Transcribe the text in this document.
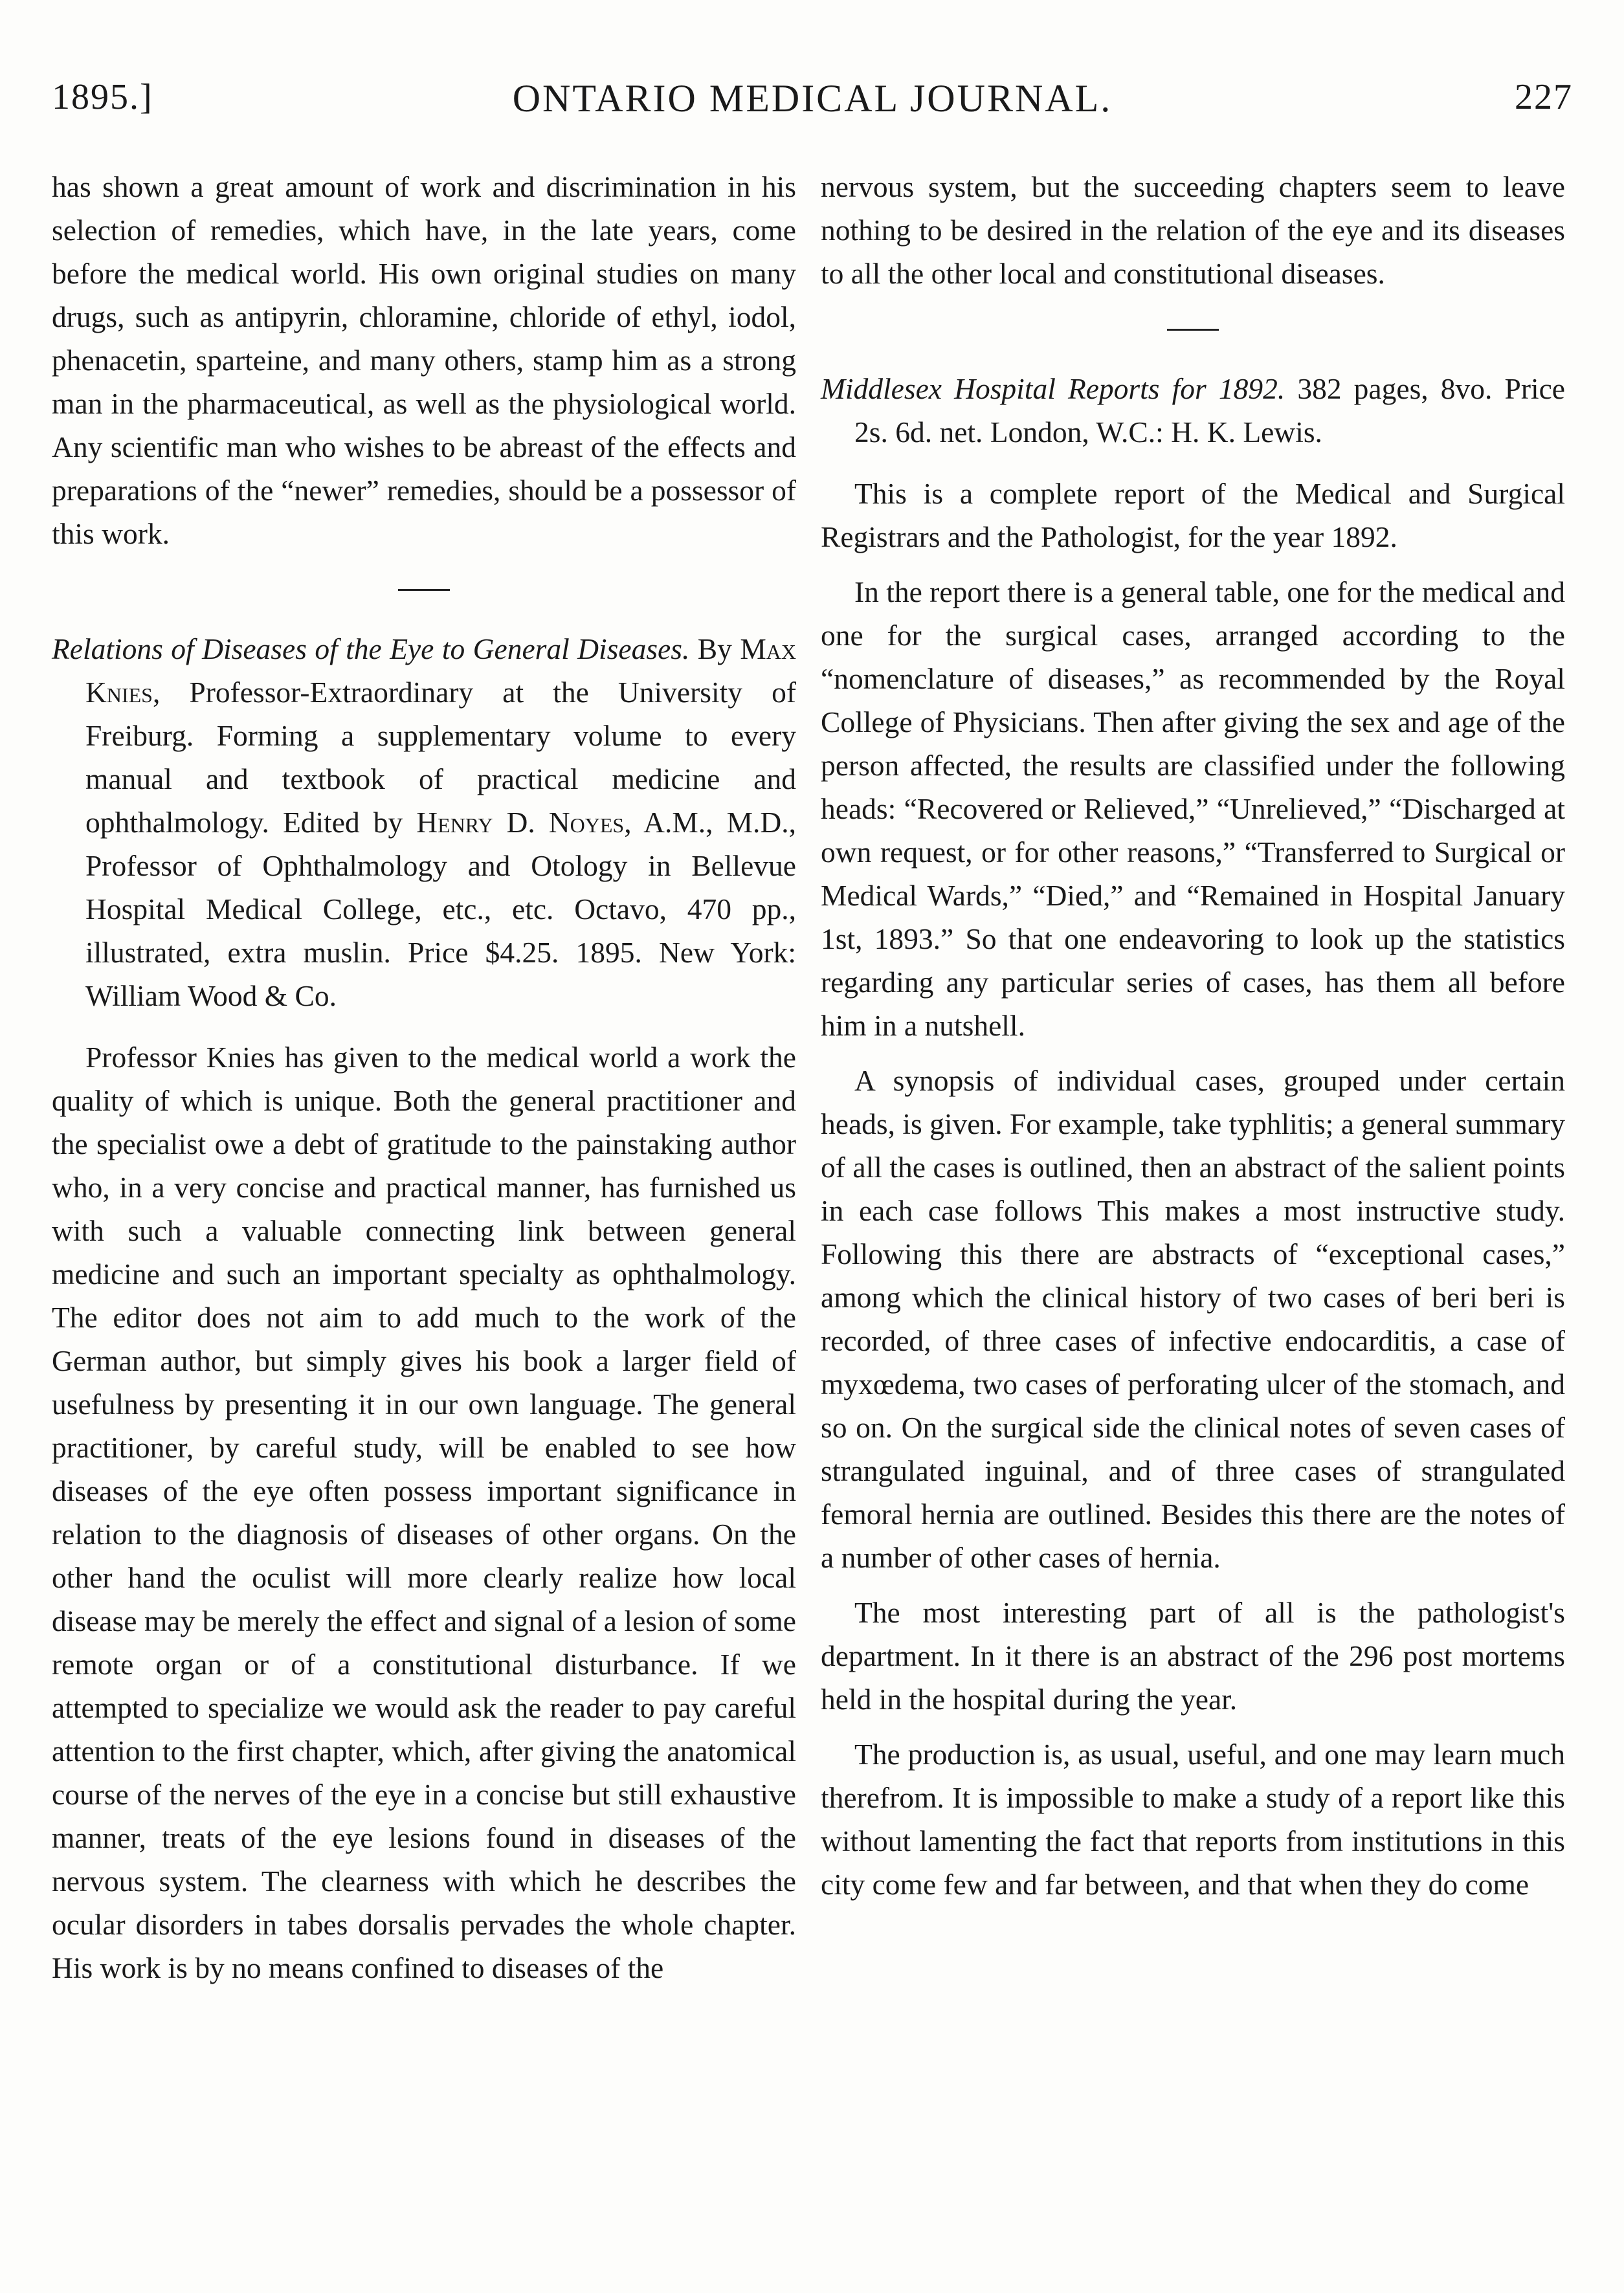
1895.]	ONTARIO MEDICAL JOURNAL.	227

has shown a great amount of work and discrimination in his selection of remedies, which have, in the late years, come before the medical world. His own original studies on many drugs, such as antipyrin, chloramine, chloride of ethyl, iodol, phenacetin, sparteine, and many others, stamp him as a strong man in the pharmaceutical, as well as the physiological world. Any scientific man who wishes to be abreast of the effects and preparations of the “newer” remedies, should be a possessor of this work.

Relations of Diseases of the Eye to General Diseases. By Max Knies, Professor-Extraordinary at the University of Freiburg. Forming a supplementary volume to every manual and textbook of practical medicine and ophthalmology. Edited by Henry D. Noyes, A.M., M.D., Professor of Ophthalmology and Otology in Bellevue Hospital Medical College, etc., etc. Octavo, 470 pp., illustrated, extra muslin. Price $4.25. 1895. New York: William Wood & Co.

Professor Knies has given to the medical world a work the quality of which is unique. Both the general practitioner and the specialist owe a debt of gratitude to the painstaking author who, in a very concise and practical manner, has furnished us with such a valuable connecting link between general medicine and such an important specialty as ophthalmology. The editor does not aim to add much to the work of the German author, but simply gives his book a larger field of usefulness by presenting it in our own language. The general practitioner, by careful study, will be enabled to see how diseases of the eye often possess important significance in relation to the diagnosis of diseases of other organs. On the other hand the oculist will more clearly realize how local disease may be merely the effect and signal of a lesion of some remote organ or of a constitutional disturbance. If we attempted to specialize we would ask the reader to pay careful attention to the first chapter, which, after giving the anatomical course of the nerves of the eye in a concise but still exhaustive manner, treats of the eye lesions found in diseases of the nervous system. The clearness with which he describes the ocular disorders in tabes dorsalis pervades the whole chapter. His work is by no means confined to diseases of the

nervous system, but the succeeding chapters seem to leave nothing to be desired in the relation of the eye and its diseases to all the other local and constitutional diseases.

Middlesex Hospital Reports for 1892. 382 pages, 8vo. Price 2s. 6d. net. London, W.C.: H. K. Lewis.

This is a complete report of the Medical and Surgical Registrars and the Pathologist, for the year 1892.

In the report there is a general table, one for the medical and one for the surgical cases, arranged according to the “nomenclature of diseases,” as recommended by the Royal College of Physicians. Then after giving the sex and age of the person affected, the results are classified under the following heads: “Recovered or Relieved,” “Unrelieved,” “Discharged at own request, or for other reasons,” “Transferred to Surgical or Medical Wards,” “Died,” and “Remained in Hospital January 1st, 1893.” So that one endeavoring to look up the statistics regarding any particular series of cases, has them all before him in a nutshell.

A synopsis of individual cases, grouped under certain heads, is given. For example, take typhlitis; a general summary of all the cases is outlined, then an abstract of the salient points in each case follows This makes a most instructive study. Following this there are abstracts of “exceptional cases,” among which the clinical history of two cases of beri beri is recorded, of three cases of infective endocarditis, a case of myxœdema, two cases of perforating ulcer of the stomach, and so on. On the surgical side the clinical notes of seven cases of strangulated inguinal, and of three cases of strangulated femoral hernia are outlined. Besides this there are the notes of a number of other cases of hernia.

The most interesting part of all is the pathologist's department. In it there is an abstract of the 296 post mortems held in the hospital during the year.

The production is, as usual, useful, and one may learn much therefrom. It is impossible to make a study of a report like this without lamenting the fact that reports from institutions in this city come few and far between, and that when they do come
